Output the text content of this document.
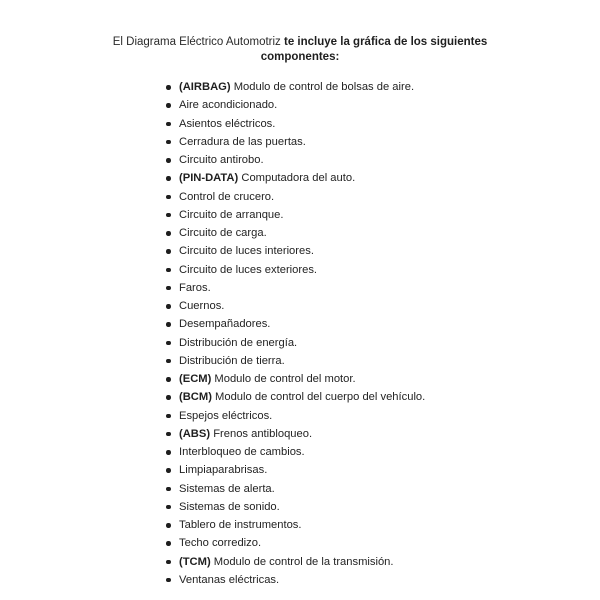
El Diagrama Eléctrico Automotriz te incluye la gráfica de los siguientes
componentes:
(AIRBAG) Modulo de control de bolsas de aire.
Aire acondicionado.
Asientos eléctricos.
Cerradura de las puertas.
Circuito antirobo.
(PIN-DATA) Computadora del auto.
Control de crucero.
Circuito de arranque.
Circuito de carga.
Circuito de luces interiores.
Circuito de luces exteriores.
Faros.
Cuernos.
Desempañadores.
Distribución de energía.
Distribución de tierra.
(ECM) Modulo de control del motor.
(BCM) Modulo de control del cuerpo del vehículo.
Espejos eléctricos.
(ABS) Frenos antibloqueo.
Interbloqueo de cambios.
Limpiaparabrisas.
Sistemas de alerta.
Sistemas de sonido.
Tablero de instrumentos.
Techo corredizo.
(TCM) Modulo de control de la transmisión.
Ventanas eléctricas.
